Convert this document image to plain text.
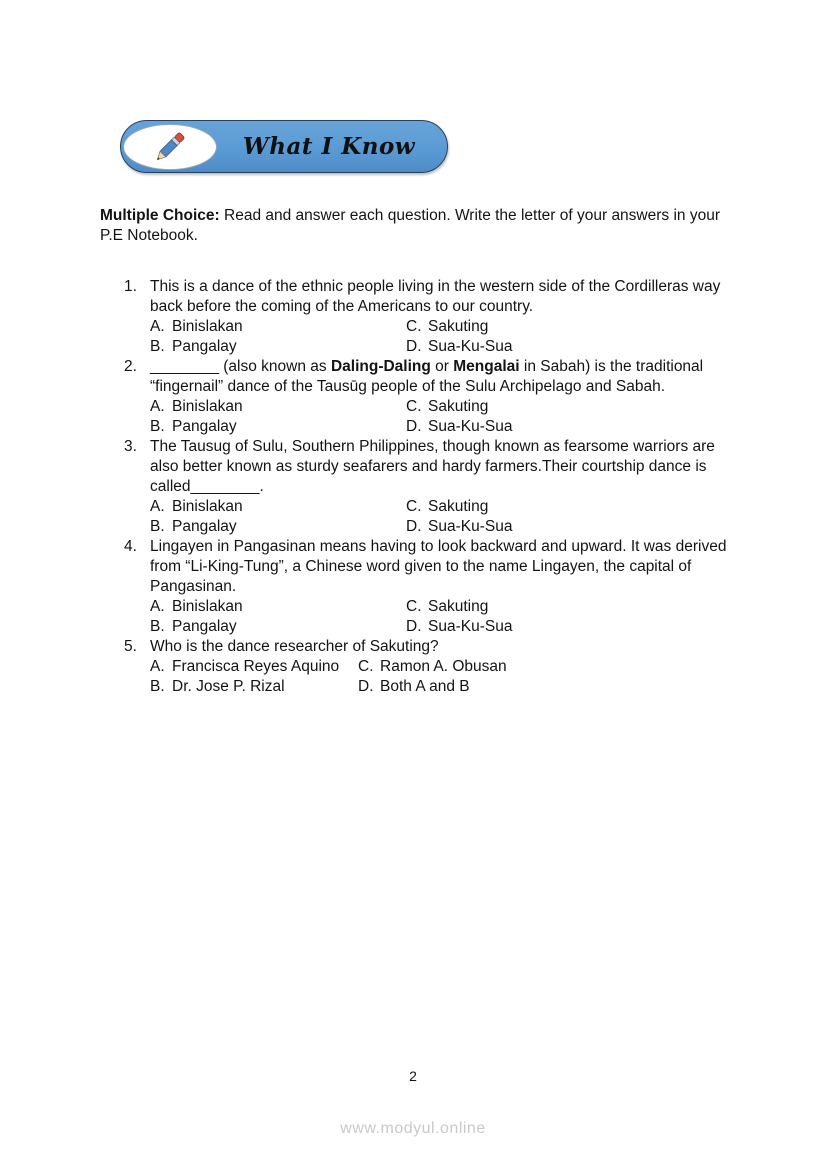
What I Know

Multiple Choice: Read and answer each question. Write the letter of your answers in your P.E Notebook.

1. This is a dance of the ethnic people living in the western side of the Cordilleras way back before the coming of the Americans to our country.
A. Binislakan	C. Sakuting
B. Pangalay	D. Sua-Ku-Sua
2. ________ (also known as Daling-Daling or Mengalai in Sabah) is the traditional “fingernail” dance of the Tausūg people of the Sulu Archipelago and Sabah.
A. Binislakan	C. Sakuting
B. Pangalay	D. Sua-Ku-Sua
3. The Tausug of Sulu, Southern Philippines, though known as fearsome warriors are also better known as sturdy seafarers and hardy farmers.Their courtship dance is called________.
A. Binislakan	C. Sakuting
B. Pangalay	D. Sua-Ku-Sua
4. Lingayen in Pangasinan means having to look backward and upward. It was derived from “Li-King-Tung”, a Chinese word given to the name Lingayen, the capital of Pangasinan.
A. Binislakan	C. Sakuting
B. Pangalay	D. Sua-Ku-Sua
5. Who is the dance researcher of Sakuting?
A. Francisca Reyes Aquino	C. Ramon A. Obusan
B. Dr. Jose P. Rizal	D. Both A and B
2
www.modyul.online
